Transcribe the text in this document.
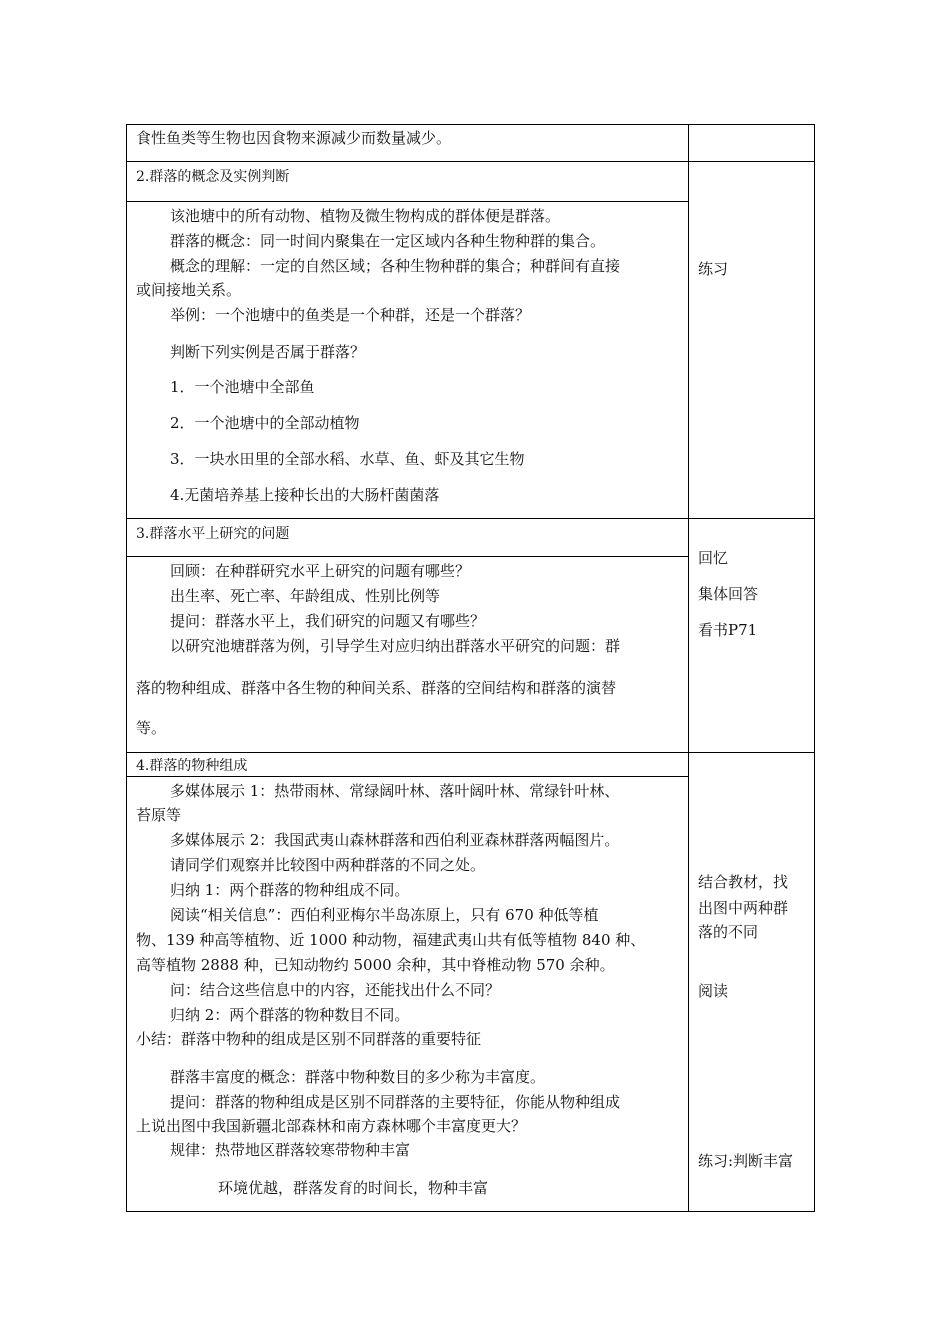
食性鱼类等生物也因食物来源减少而数量减少。
2.群落的概念及实例判断
该池塘中的所有动物、植物及微生物构成的群体便是群落。
群落的概念：同一时间内聚集在一定区域内各种生物种群的集合。
概念的理解：一定的自然区域；各种生物种群的集合；种群间有直接
或间接地关系。
举例：一个池塘中的鱼类是一个种群，还是一个群落？
判断下列实例是否属于群落？
1．一个池塘中全部鱼
2．一个池塘中的全部动植物
3．一块水田里的全部水稻、水草、鱼、虾及其它生物
4.无菌培养基上接种长出的大肠杆菌菌落
练习
3.群落水平上研究的问题
回顾：在种群研究水平上研究的问题有哪些？
出生率、死亡率、年龄组成、性别比例等
提问：群落水平上，我们研究的问题又有哪些？
以研究池塘群落为例，引导学生对应归纳出群落水平研究的问题：群
落的物种组成、群落中各生物的种间关系、群落的空间结构和群落的演替
等。
回忆
集体回答
看书P71
4.群落的物种组成
多媒体展示 1：热带雨林、常绿阔叶林、落叶阔叶林、常绿针叶林、
苔原等
多媒体展示 2：我国武夷山森林群落和西伯利亚森林群落两幅图片。
请同学们观察并比较图中两种群落的不同之处。
归纳 1：两个群落的物种组成不同。
阅读“相关信息”：西伯利亚梅尔半岛冻原上，只有 670 种低等植
物、139 种高等植物、近 1000 种动物，福建武夷山共有低等植物 840 种、
高等植物 2888 种，已知动物约 5000 余种，其中脊椎动物 570 余种。
问：结合这些信息中的内容，还能找出什么不同？
归纳 2：两个群落的物种数目不同。
小结：群落中物种的组成是区别不同群落的重要特征
群落丰富度的概念：群落中物种数目的多少称为丰富度。
提问：群落的物种组成是区别不同群落的主要特征，你能从物种组成
上说出图中我国新疆北部森林和南方森林哪个丰富度更大？
规律：热带地区群落较寒带物种丰富
环境优越，群落发育的时间长，物种丰富
结合教材，找
出图中两种群
落的不同
阅读
练习:判断丰富
